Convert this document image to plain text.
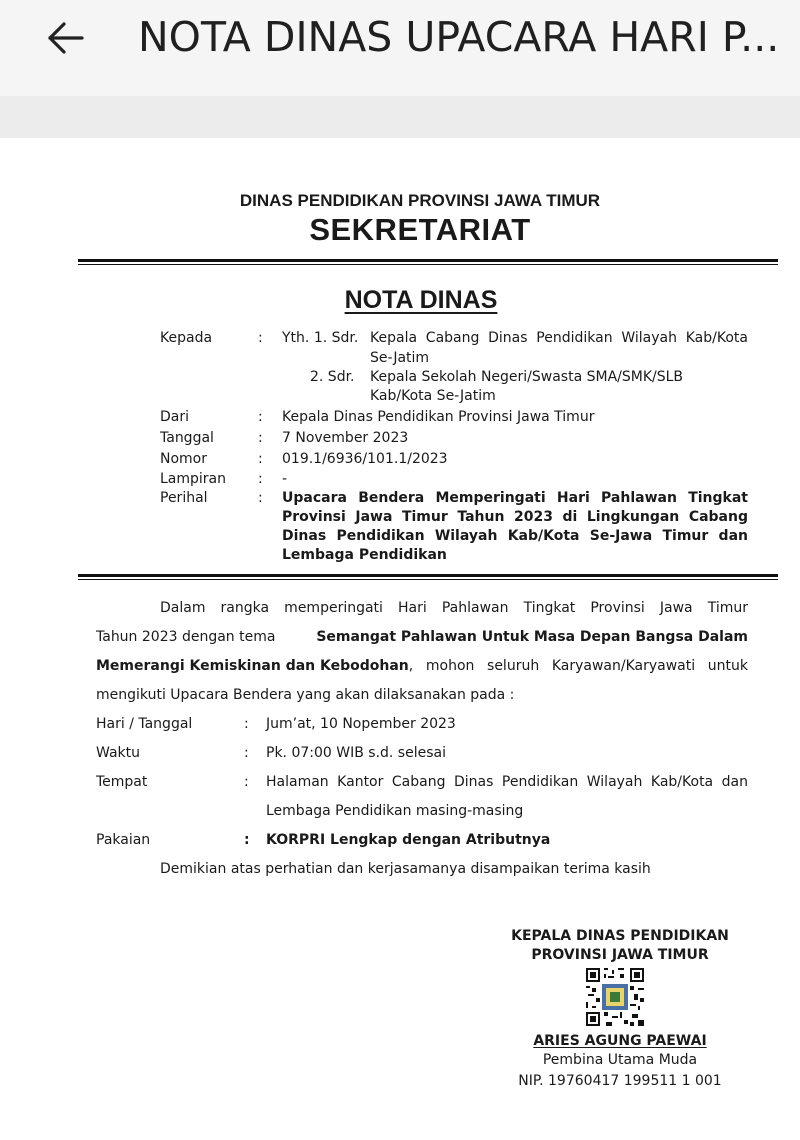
NOTA DINAS UPACARA HARI P...
DINAS PENDIDIKAN PROVINSI JAWA TIMUR
SEKRETARIAT
NOTA DINAS
Kepada	: Yth. 1. Sdr. Kepala Cabang Dinas Pendidikan Wilayah Kab/Kota
Se-Jatim
2. Sdr. Kepala Sekolah Negeri/Swasta SMA/SMK/SLB
Kab/Kota Se-Jatim
Dari	: Kepala Dinas Pendidikan Provinsi Jawa Timur
Tanggal	: 7 November 2023
Nomor	: 019.1/6936/101.1/2023
Lampiran : -
Perihal	: Upacara Bendera Memperingati Hari Pahlawan Tingkat
Provinsi Jawa Timur Tahun 2023 di Lingkungan Cabang
Dinas Pendidikan Wilayah Kab/Kota Se-Jawa Timur dan
Lembaga Pendidikan
Dalam rangka memperingati Hari Pahlawan Tingkat Provinsi Jawa Timur
Tahun 2023 dengan tema	Semangat Pahlawan Untuk Masa Depan Bangsa Dalam
Memerangi Kemiskinan dan Kebodohan , mohon seluruh Karyawan/Karyawati untuk
mengikuti Upacara Bendera yang akan dilaksanakan pada :
Hari / Tanggal	: Jum’at, 10 Nopember 2023
Waktu	: Pk. 07:00 WIB s.d. selesai
Tempat	: Halaman Kantor Cabang Dinas Pendidikan Wilayah Kab/Kota dan
Lembaga Pendidikan masing-masing
Pakaian	: KORPRI Lengkap dengan Atributnya
Demikian atas perhatian dan kerjasamanya disampaikan terima kasih
KEPALA DINAS PENDIDIKAN
PROVINSI JAWA TIMUR
ARIES AGUNG PAEWAI
Pembina Utama Muda
NIP. 19760417 199511 1 001
